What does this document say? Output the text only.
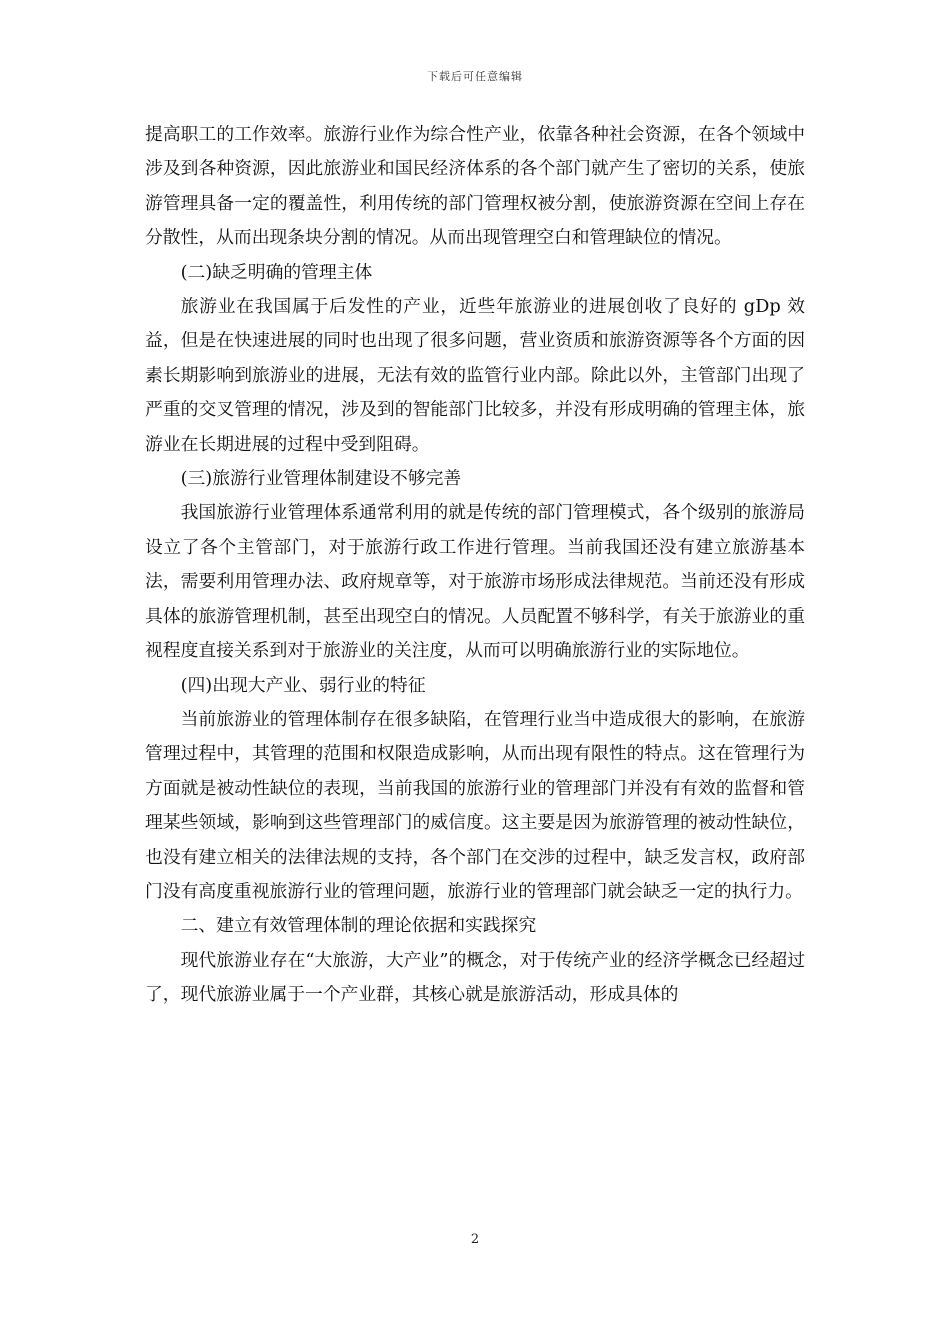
下载后可任意编辑

提高职工的工作效率。旅游行业作为综合性产业，依靠各种社会资源，在各个领域中涉及到各种资源，因此旅游业和国民经济体系的各个部门就产生了密切的关系，使旅游管理具备一定的覆盖性，利用传统的部门管理权被分割，使旅游资源在空间上存在分散性，从而出现条块分割的情况。从而出现管理空白和管理缺位的情况。

(二)缺乏明确的管理主体

旅游业在我国属于后发性的产业，近些年旅游业的进展创收了良好的 gDp 效益，但是在快速进展的同时也出现了很多问题，营业资质和旅游资源等各个方面的因素长期影响到旅游业的进展，无法有效的监管行业内部。除此以外，主管部门出现了严重的交叉管理的情况，涉及到的智能部门比较多，并没有形成明确的管理主体，旅游业在长期进展的过程中受到阻碍。

(三)旅游行业管理体制建设不够完善

我国旅游行业管理体系通常利用的就是传统的部门管理模式，各个级别的旅游局设立了各个主管部门，对于旅游行政工作进行管理。当前我国还没有建立旅游基本法，需要利用管理办法、政府规章等，对于旅游市场形成法律规范。当前还没有形成具体的旅游管理机制，甚至出现空白的情况。人员配置不够科学，有关于旅游业的重视程度直接关系到对于旅游业的关注度，从而可以明确旅游行业的实际地位。

(四)出现大产业、弱行业的特征

当前旅游业的管理体制存在很多缺陷，在管理行业当中造成很大的影响，在旅游管理过程中，其管理的范围和权限造成影响，从而出现有限性的特点。这在管理行为方面就是被动性缺位的表现，当前我国的旅游行业的管理部门并没有有效的监督和管理某些领域，影响到这些管理部门的威信度。这主要是因为旅游管理的被动性缺位，也没有建立相关的法律法规的支持，各个部门在交涉的过程中，缺乏发言权，政府部门没有高度重视旅游行业的管理问题，旅游行业的管理部门就会缺乏一定的执行力。

二、建立有效管理体制的理论依据和实践探究

现代旅游业存在“大旅游，大产业”的概念，对于传统产业的经济学概念已经超过了，现代旅游业属于一个产业群，其核心就是旅游活动，形成具体的

2
